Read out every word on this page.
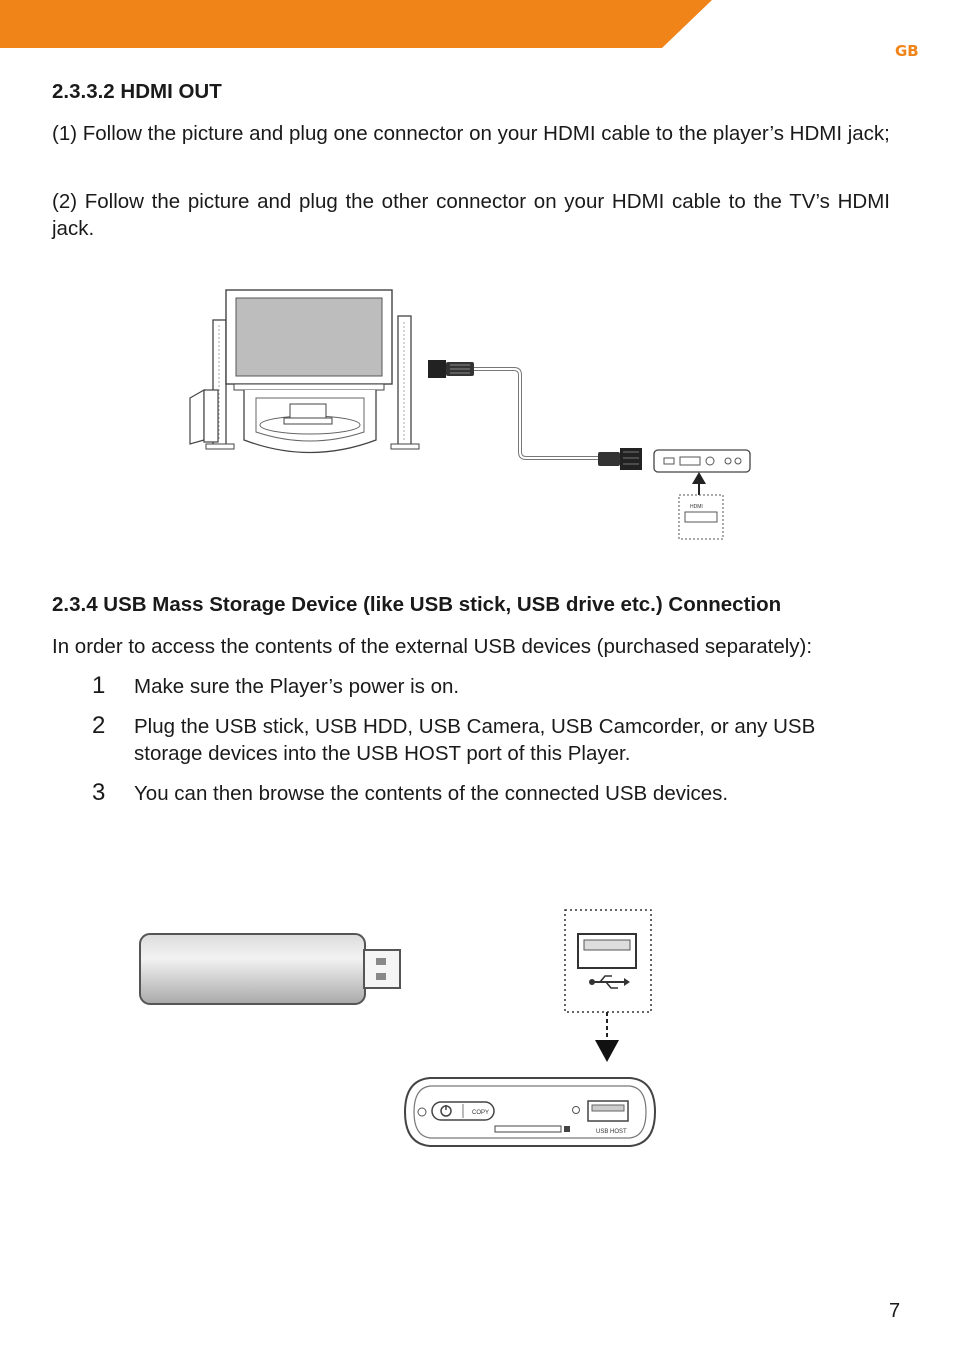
GB
2.3.3.2 HDMI OUT

(1) Follow the picture and plug one connector on your HDMI cable to the player’s HDMI jack;

(2) Follow the picture and plug the other connector on your HDMI cable to the TV’s HDMI jack.

HDMI
2.3.4 USB Mass Storage Device (like USB stick, USB drive etc.) Connection

In order to access the contents of the external USB devices (purchased separately):

1 Make sure the Player’s power is on.
2 Plug the USB stick, USB HDD, USB Camera, USB Camcorder, or any USB storage devices into the USB HOST port of this Player.
3 You can then browse the contents of the connected USB devices.
COPY
USB HOST
7
